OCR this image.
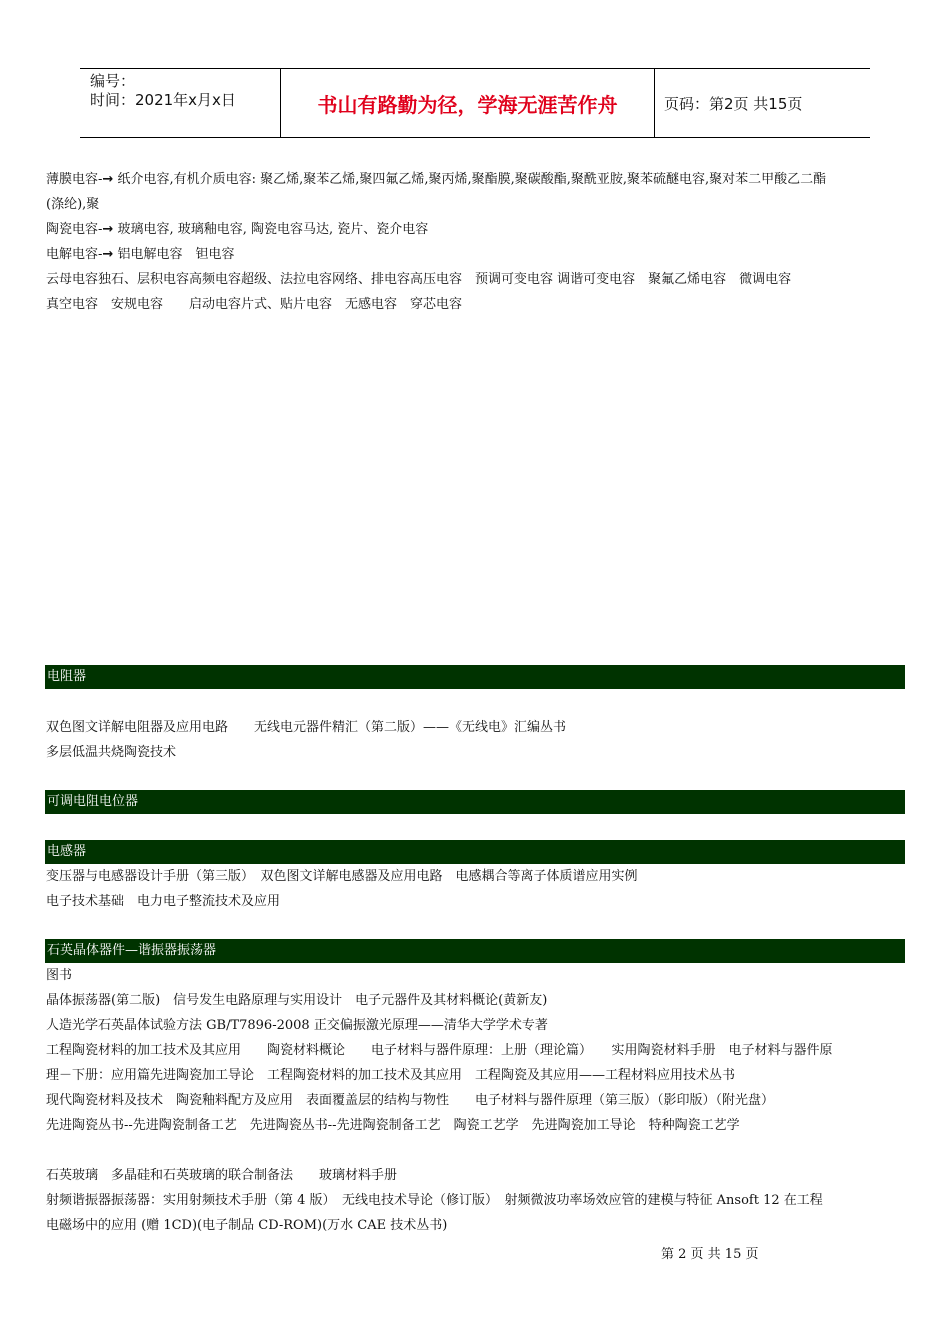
编号：
时间：2021年x月x日	书山有路勤为径，学海无涯苦作舟	页码：第2页 共15页
薄膜电容-→ 纸介电容,有机介质电容: 聚乙烯,聚苯乙烯,聚四氟乙烯,聚丙烯,聚酯膜,聚碳酸酯,聚酰亚胺,聚苯硫醚电容,聚对苯二甲酸乙二酯
(涤纶),聚
陶瓷电容-→ 玻璃电容, 玻璃釉电容, 陶瓷电容马达, 瓷片、瓷介电容
电解电容-→ 铝电解电容　钽电容
云母电容独石、层积电容高频电容超级、法拉电容网络、排电容高压电容　预调可变电容 调谐可变电容　聚氟乙烯电容　微调电容
真空电容　安规电容　　启动电容片式、贴片电容　无感电容　穿芯电容
电阻器
双色图文详解电阻器及应用电路　　无线电元器件精汇（第二版）——《无线电》汇编丛书
多层低温共烧陶瓷技术
可调电阻电位器
电感器
变压器与电感器设计手册（第三版）　双色图文详解电感器及应用电路　电感耦合等离子体质谱应用实例
电子技术基础　电力电子整流技术及应用
石英晶体器件—谐振器振荡器
图书
晶体振荡器(第二版)　信号发生电路原理与实用设计　电子元器件及其材料概论(黄新友)
人造光学石英晶体试验方法 GB/T7896-2008 正交偏振激光原理——清华大学学术专著
工程陶瓷材料的加工技术及其应用　　陶瓷材料概论　　电子材料与器件原理：上册（理论篇）　　实用陶瓷材料手册　电子材料与器件原
理－下册：应用篇先进陶瓷加工导论　工程陶瓷材料的加工技术及其应用　工程陶瓷及其应用——工程材料应用技术丛书
现代陶瓷材料及技术　陶瓷釉料配方及应用　表面覆盖层的结构与物性　　电子材料与器件原理（第三版）（影印版）（附光盘）
先进陶瓷丛书--先进陶瓷制备工艺　先进陶瓷丛书--先进陶瓷制备工艺　陶瓷工艺学　先进陶瓷加工导论　特种陶瓷工艺学
石英玻璃　多晶硅和石英玻璃的联合制备法　　玻璃材料手册
射频谐振器振荡器：实用射频技术手册（第 4 版）　无线电技术导论（修订版）　射频微波功率场效应管的建模与特征 Ansoft 12 在工程
电磁场中的应用 (赠 1CD)(电子制品 CD-ROM)(万水 CAE 技术丛书)
第 2 页 共 15 页
